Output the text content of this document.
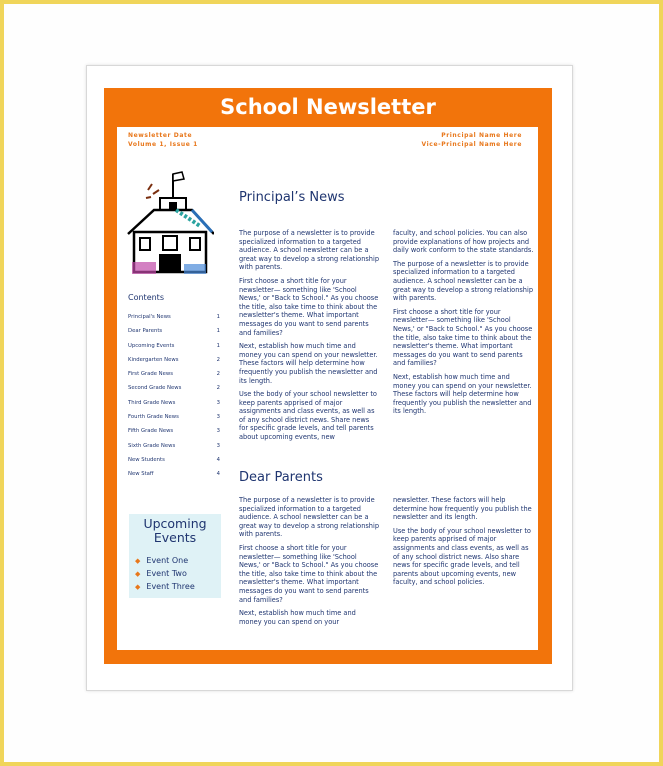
School Newsletter
Newsletter Date
Volume 1, Issue 1
Principal Name Here
Vice-Principal Name Here
Contents
Principal's News	1
Dear Parents	1
Upcoming Events	1
Kindergarten News	2
First Grade News	2
Second Grade News	2
Third Grade News	3
Fourth Grade News	3
Fifth Grade News	3
Sixth Grade News	3
New Students	4
New Staff	4
Upcoming Events
◆ Event One
◆ Event Two
◆ Event Three
Principal’s News

The purpose of a newsletter is to provide specialized information to a targeted audience. A school newsletter can be a great way to develop a strong relationship with parents.

First choose a short title for your newsletter— something like 'School News,' or "Back to School." As you choose the title, also take time to think about the newsletter's theme. What important messages do you want to send parents and families?

Next, establish how much time and money you can spend on your newsletter. These factors will help determine how frequently you publish the newsletter and its length.

Use the body of your school newsletter to keep parents apprised of major assignments and class events, as well as of any school district news. Share news for specific grade levels, and tell parents about upcoming events, new

faculty, and school policies. You can also provide explanations of how projects and daily work conform to the state standards.

The purpose of a newsletter is to provide specialized information to a targeted audience. A school newsletter can be a great way to develop a strong relationship with parents.

First choose a short title for your newsletter— something like 'School News,' or "Back to School." As you choose the title, also take time to think about the newsletter's theme. What important messages do you want to send parents and families?

Next, establish how much time and money you can spend on your newsletter. These factors will help determine how frequently you publish the newsletter and its length.

Dear Parents

The purpose of a newsletter is to provide specialized information to a targeted audience. A school newsletter can be a great way to develop a strong relationship with parents.

First choose a short title for your newsletter— something like 'School News,' or "Back to School." As you choose the title, also take time to think about the newsletter's theme. What important messages do you want to send parents and families?

Next, establish how much time and money you can spend on your

newsletter. These factors will help determine how frequently you publish the newsletter and its length.

Use the body of your school newsletter to keep parents apprised of major assignments and class events, as well as of any school district news. Also share news for specific grade levels, and tell parents about upcoming events, new faculty, and school policies.
